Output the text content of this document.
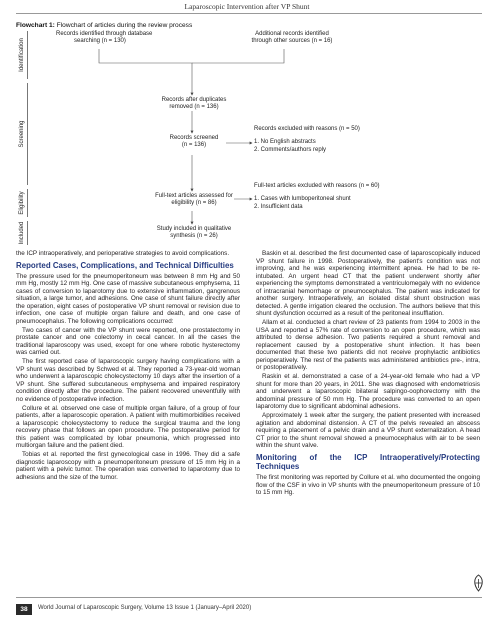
Laparoscopic Intervention after VP Shunt
Flowchart 1: Flowchart of articles during the review process
Identification
Screening
Eligibility
Included

Records identified through database

searching (n = 130)

Additional records identified

through other sources (n = 16)

Records after duplicates

removed (n = 136)

Records screened

(n = 136)

Records excluded with reasons (n = 50)

1. No English abstracts

2. Comments/authors reply

Full-text articles assessed for

eligibility (n = 86)

Full-text articles excluded with reasons (n = 60)

1. Cases with lumboperitoneal shunt

2. Insufficient data

Study included in qualitative

synthesis (n = 26)

the ICP intraoperatively, and perioperative strategies to avoid complications.

Reported Cases, Complications, and Technical Difficulties

The pressure used for the pneumoperitoneum was between 8 mm Hg and 50 mm Hg, mostly 12 mm Hg. One case of massive subcutaneous emphysema, 11 cases of conversion to laparotomy due to extensive inflammation, gangrenous situation, a large tumor, and adhesions. One case of shunt failure directly after the operation, eight cases of postoperative VP shunt removal or revision due to infection, one case of multiple organ failure and death, and one case of pneumocephalus. The following complications occurred:

Two cases of cancer with the VP shunt were reported, one prostatectomy in prostate cancer and one colectomy in cecal cancer. In all the cases the traditional laparoscopy was used, except for one where robotic hysterectomy was carried out.

The first reported case of laparoscopic surgery having complications with a VP shunt was described by Schwed et al. They reported a 73-year-old woman who underwent a laparoscopic cholecystectomy 10 days after the insertion of a VP shunt. She suffered subcutaneous emphysema and impaired respiratory condition directly after the procedure. The patient recovered uneventfully with no evidence of postoperative infection.

Collure et al. observed one case of multiple organ failure, of a group of four patients, after a laparoscopic operation. A patient with multimorbidities received a laparoscopic cholecystectomy to reduce the surgical trauma and the long recovery phase that follows an open procedure. The postoperative period for this patient was complicated by lobar pneumonia, which progressed into multiorgan failure and the patient died.

Tobias et al. reported the first gynecological case in 1996. They did a safe diagnostic laparoscopy with a pneumoperitoneum pressure of 15 mm Hg in a patient with a pelvic tumor. The operation was converted to laparotomy due to adhesions and the size of the tumor.

Baskin et al. described the first documented case of laparoscopically induced VP shunt failure in 1998. Postoperatively, the patient's condition was not improving, and he was experiencing intermittent apnea. He had to be re-intubated. An urgent head CT that the patient underwent shortly after experiencing the symptoms demonstrated a ventriculomegaly with no evidence of intracranial hemorrhage or pneumocephalus. The patient was indicated for another surgery. Intraoperatively, an isolated distal shunt obstruction was detected. A gentle irrigation cleared the occlusion. The authors believe that this shunt dysfunction occurred as a result of the peritoneal insufflation.

Allam et al. conducted a chart review of 23 patients from 1994 to 2003 in the USA and reported a 57% rate of conversion to an open procedure, which was attributed to dense adhesion. Two patients required a shunt removal and replacement caused by a postoperative shunt infection. It has been documented that these two patients did not receive prophylactic antibiotics perioperatively. The rest of the patients was administered antibiotics pre-, intra, or postoperatively.

Raskin et al. demonstrated a case of a 24-year-old female who had a VP shunt for more than 20 years, in 2011. She was diagnosed with endometriosis and underwent a laparoscopic bilateral salpingo-oophorectomy with the abdominal pressure of 50 mm Hg. The procedure was converted to an open laparotomy due to significant abdominal adhesions.

Approximately 1 week after the surgery, the patient presented with increased agitation and abdominal distension. A CT of the pelvis revealed an abscess requiring a placement of a pelvic drain and a VP shunt externalization. A head CT prior to the shunt removal showed a pneumocephalus with air to be seen within the shunt valve.

Monitoring of the ICP Intraoperatively/Protecting Techniques

The first monitoring was reported by Collure et al. who documented the ongoing flow of the CSF in vivo in VP shunts with the pneumoperitoneum pressure of 10 to 15 mm Hg.

38	World Journal of Laparoscopic Surgery, Volume 13 Issue 1 (January–April 2020)
